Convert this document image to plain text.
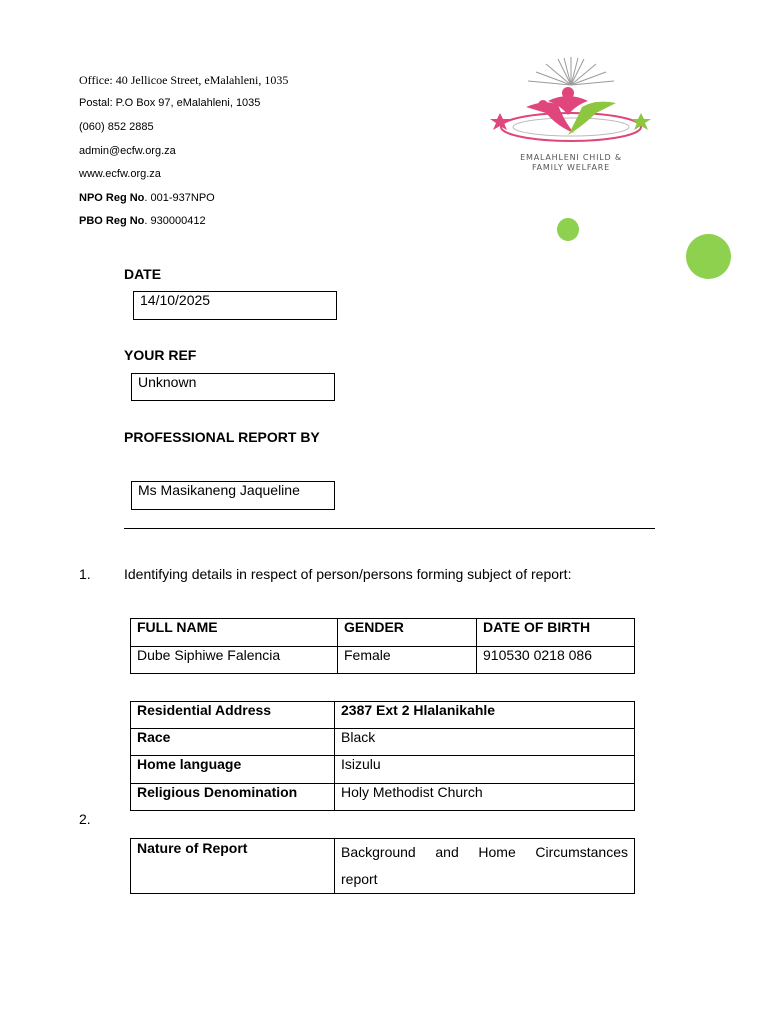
Office: 40 Jellicoe Street, eMalahleni, 1035
Postal: P.O Box 97, eMalahleni, 1035
(060) 852 2885
admin@ecfw.org.za
www.ecfw.org.za
NPO Reg No. 001-937NPO
PBO Reg No. 930000412
EMALAHLENI CHILD &
FAMILY WELFARE
DATE
14/10/2025
YOUR REF
Unknown
PROFESSIONAL REPORT BY
Ms Masikaneng Jaqueline
1. Identifying details in respect of person/persons forming subject of report:
FULL NAME	GENDER	DATE OF BIRTH
Dube Siphiwe Falencia	Female	910530 0218 086
Residential Address	2387 Ext 2 Hlalanikahle
Race	Black
Home language	Isizulu
Religious Denomination	Holy Methodist Church
2.
Nature of Report	Background and Home Circumstances
report
